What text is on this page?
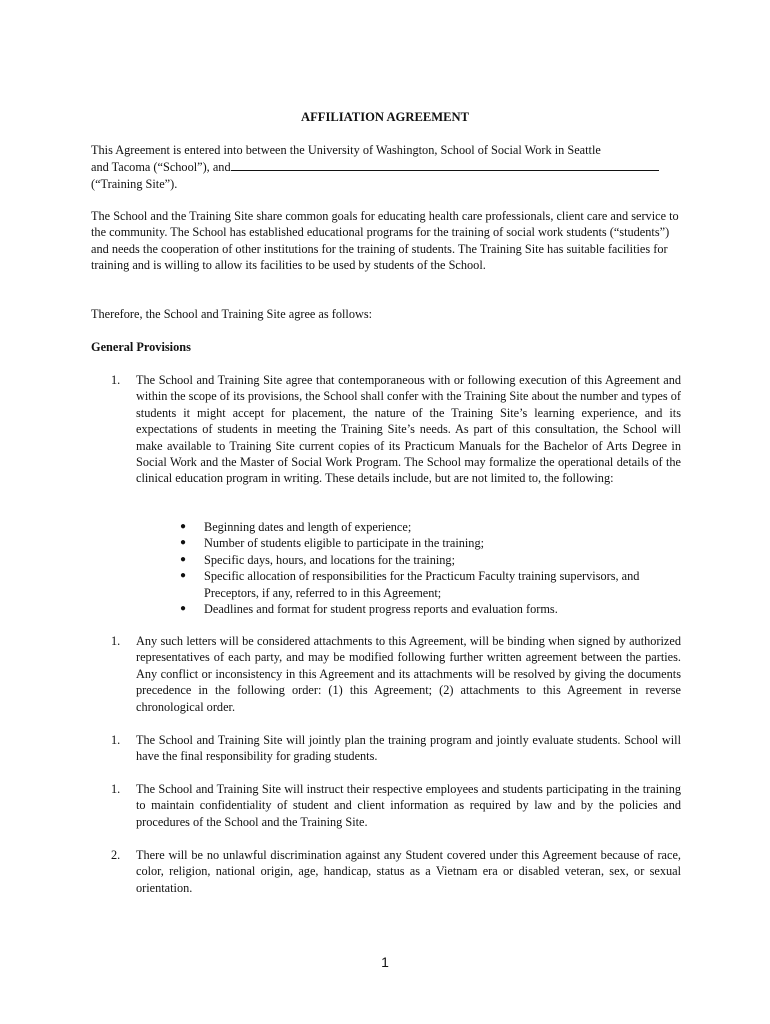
AFFILIATION AGREEMENT
This Agreement is entered into between the University of Washington, School of Social Work in Seattle
and Tacoma (“School”), and
(“Training Site”).

The School and the Training Site share common goals for educating health care professionals, client care and service to the community. The School has established educational programs for the training of social work students (“students”) and needs the cooperation of other institutions for the training of students. The Training Site has suitable facilities for training and is willing to allow its facilities to be used by students of the School.

Therefore, the School and Training Site agree as follows:

General Provisions

1. The School and Training Site agree that contemporaneous with or following execution of this Agreement and within the scope of its provisions, the School shall confer with the Training Site about the number and types of students it might accept for placement, the nature of the Training Site’s learning experience, and its expectations of students in meeting the Training Site’s needs. As part of this consultation, the School will make available to Training Site current copies of its Practicum Manuals for the Bachelor of Arts Degree in Social Work and the Master of Social Work Program. The School may formalize the operational details of the clinical education program in writing. These details include, but are not limited to, the following:
● Beginning dates and length of experience;
● Number of students eligible to participate in the training;
● Specific days, hours, and locations for the training;
● Specific allocation of responsibilities for the Practicum Faculty training supervisors, and Preceptors, if any, referred to in this Agreement;
● Deadlines and format for student progress reports and evaluation forms.
1. Any such letters will be considered attachments to this Agreement, will be binding when signed by authorized representatives of each party, and may be modified following further written agreement between the parties. Any conflict or inconsistency in this Agreement and its attachments will be resolved by giving the documents precedence in the following order: (1) this Agreement; (2) attachments to this Agreement in reverse chronological order.
1. The School and Training Site will jointly plan the training program and jointly evaluate students. School will have the final responsibility for grading students.
1. The School and Training Site will instruct their respective employees and students participating in the training to maintain confidentiality of student and client information as required by law and by the policies and procedures of the School and the Training Site.
2. There will be no unlawful discrimination against any Student covered under this Agreement because of race, color, religion, national origin, age, handicap, status as a Vietnam era or disabled veteran, sex, or sexual orientation.
1
